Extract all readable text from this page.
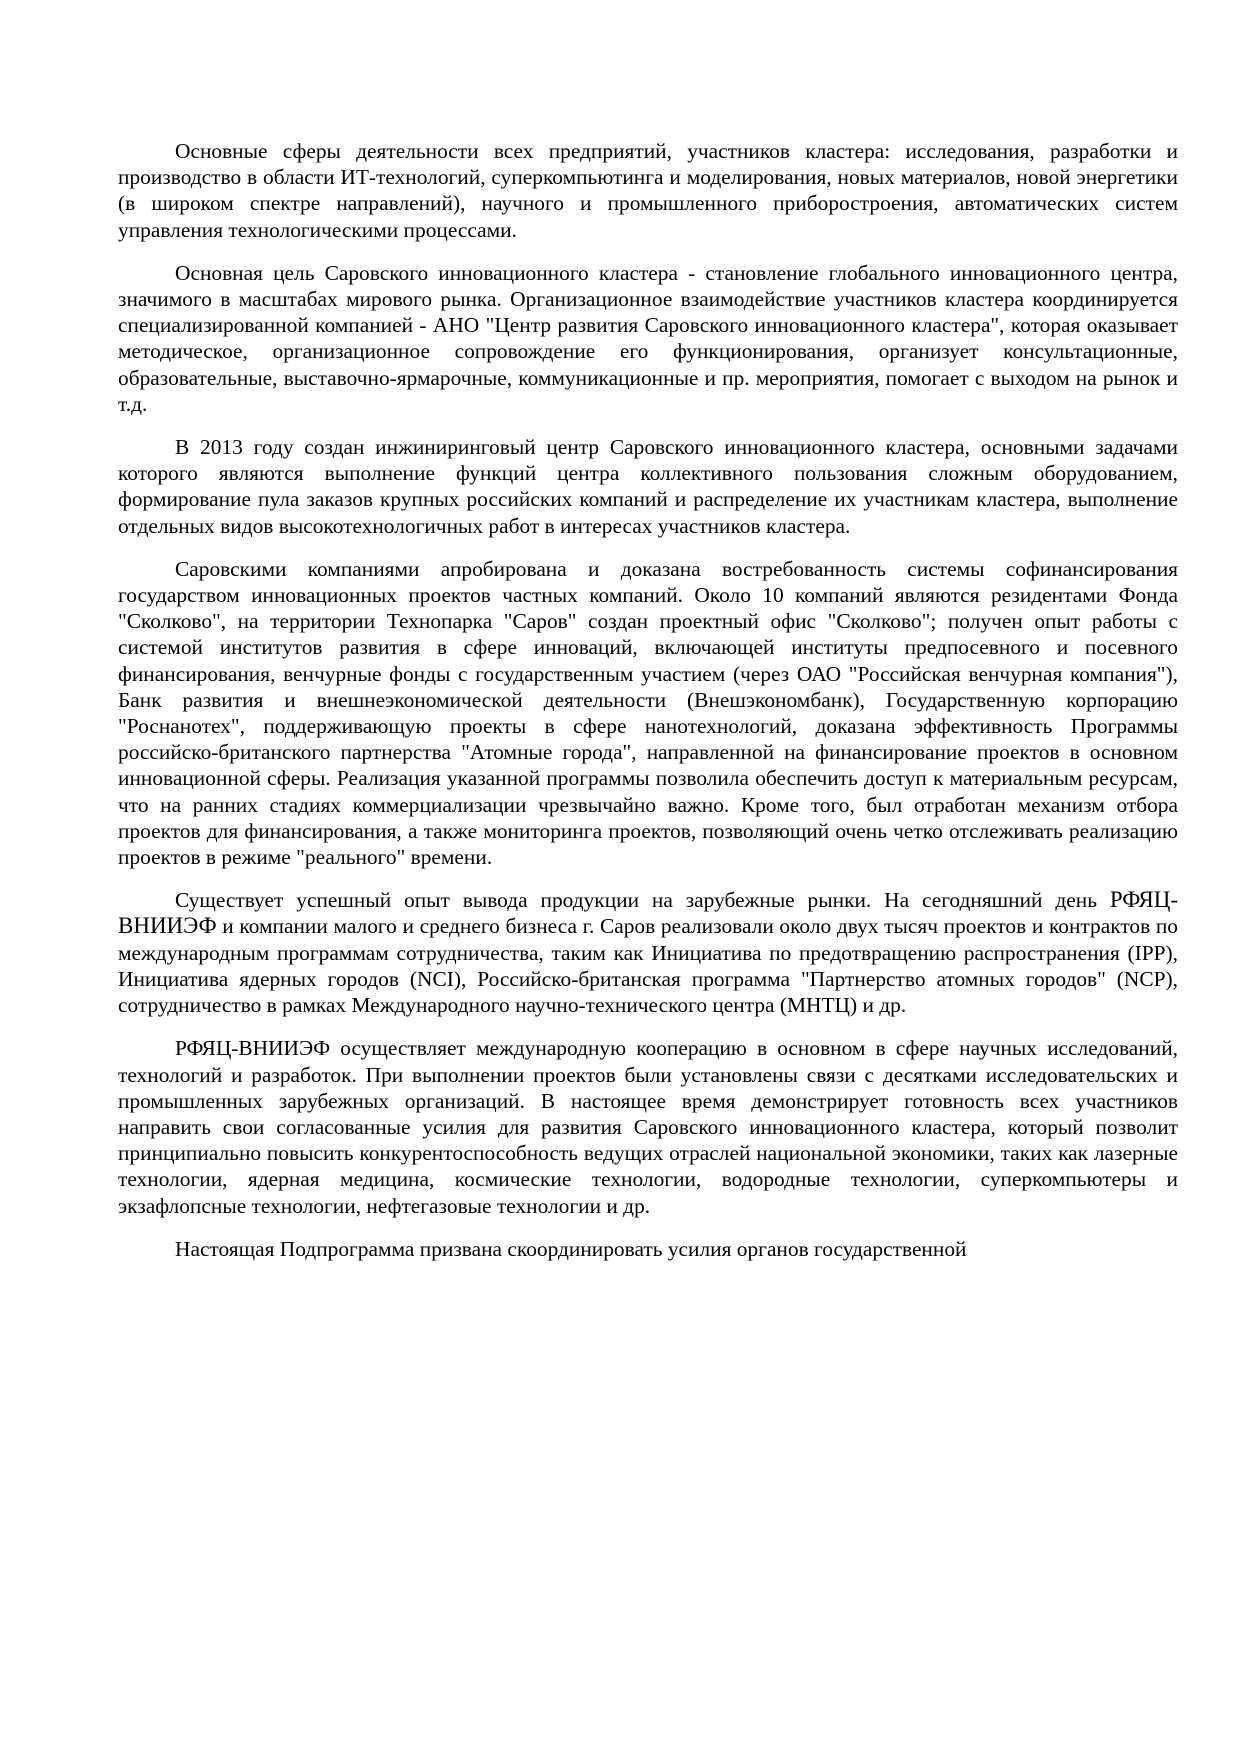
Основные сферы деятельности всех предприятий, участников кластера: исследования, разработки и производство в области ИТ-технологий, суперкомпьютинга и моделирования, новых материалов, новой энергетики (в широком спектре направлений), научного и промышленного приборостроения, автоматических систем управления технологическими процессами.

Основная цель Саровского инновационного кластера - становление глобального инновационного центра, значимого в масштабах мирового рынка. Организационное взаимодействие участников кластера координируется специализированной компанией - АНО "Центр развития Саровского инновационного кластера", которая оказывает методическое, организационное сопровождение его функционирования, организует консультационные, образовательные, выставочно-ярмарочные, коммуникационные и пр. мероприятия, помогает с выходом на рынок и т.д.

В 2013 году создан инжиниринговый центр Саровского инновационного кластера, основными задачами которого являются выполнение функций центра коллективного пользования сложным оборудованием, формирование пула заказов крупных российских компаний и распределение их участникам кластера, выполнение отдельных видов высокотехнологичных работ в интересах участников кластера.

Саровскими компаниями апробирована и доказана востребованность системы софинансирования государством инновационных проектов частных компаний. Около 10 компаний являются резидентами Фонда "Сколково", на территории Технопарка "Саров" создан проектный офис "Сколково"; получен опыт работы с системой институтов развития в сфере инноваций, включающей институты предпосевного и посевного финансирования, венчурные фонды с государственным участием (через ОАО "Российская венчурная компания"), Банк развития и внешнеэкономической деятельности (Внешэкономбанк), Государственную корпорацию "Роснанотех", поддерживающую проекты в сфере нанотехнологий, доказана эффективность Программы российско-британского партнерства "Атомные города", направленной на финансирование проектов в основном инновационной сферы. Реализация указанной программы позволила обеспечить доступ к материальным ресурсам, что на ранних стадиях коммерциализации чрезвычайно важно. Кроме того, был отработан механизм отбора проектов для финансирования, а также мониторинга проектов, позволяющий очень четко отслеживать реализацию проектов в режиме "реального" времени.

Существует успешный опыт вывода продукции на зарубежные рынки. На сегодняшний день РФЯЦ-ВНИИЭФ и компании малого и среднего бизнеса г. Саров реализовали около двух тысяч проектов и контрактов по международным программам сотрудничества, таким как Инициатива по предотвращению распространения (IPP), Инициатива ядерных городов (NCI), Российско-британская программа "Партнерство атомных городов" (NCP), сотрудничество в рамках Международного научно-технического центра (МНТЦ) и др.

РФЯЦ-ВНИИЭФ осуществляет международную кооперацию в основном в сфере научных исследований, технологий и разработок. При выполнении проектов были установлены связи с десятками исследовательских и промышленных зарубежных организаций. В настоящее время демонстрирует готовность всех участников направить свои согласованные усилия для развития Саровского инновационного кластера, который позволит принципиально повысить конкурентоспособность ведущих отраслей национальной экономики, таких как лазерные технологии, ядерная медицина, космические технологии, водородные технологии, суперкомпьютеры и экзафлопсные технологии, нефтегазовые технологии и др.

Настоящая Подпрограмма призвана скоординировать усилия органов государственной
